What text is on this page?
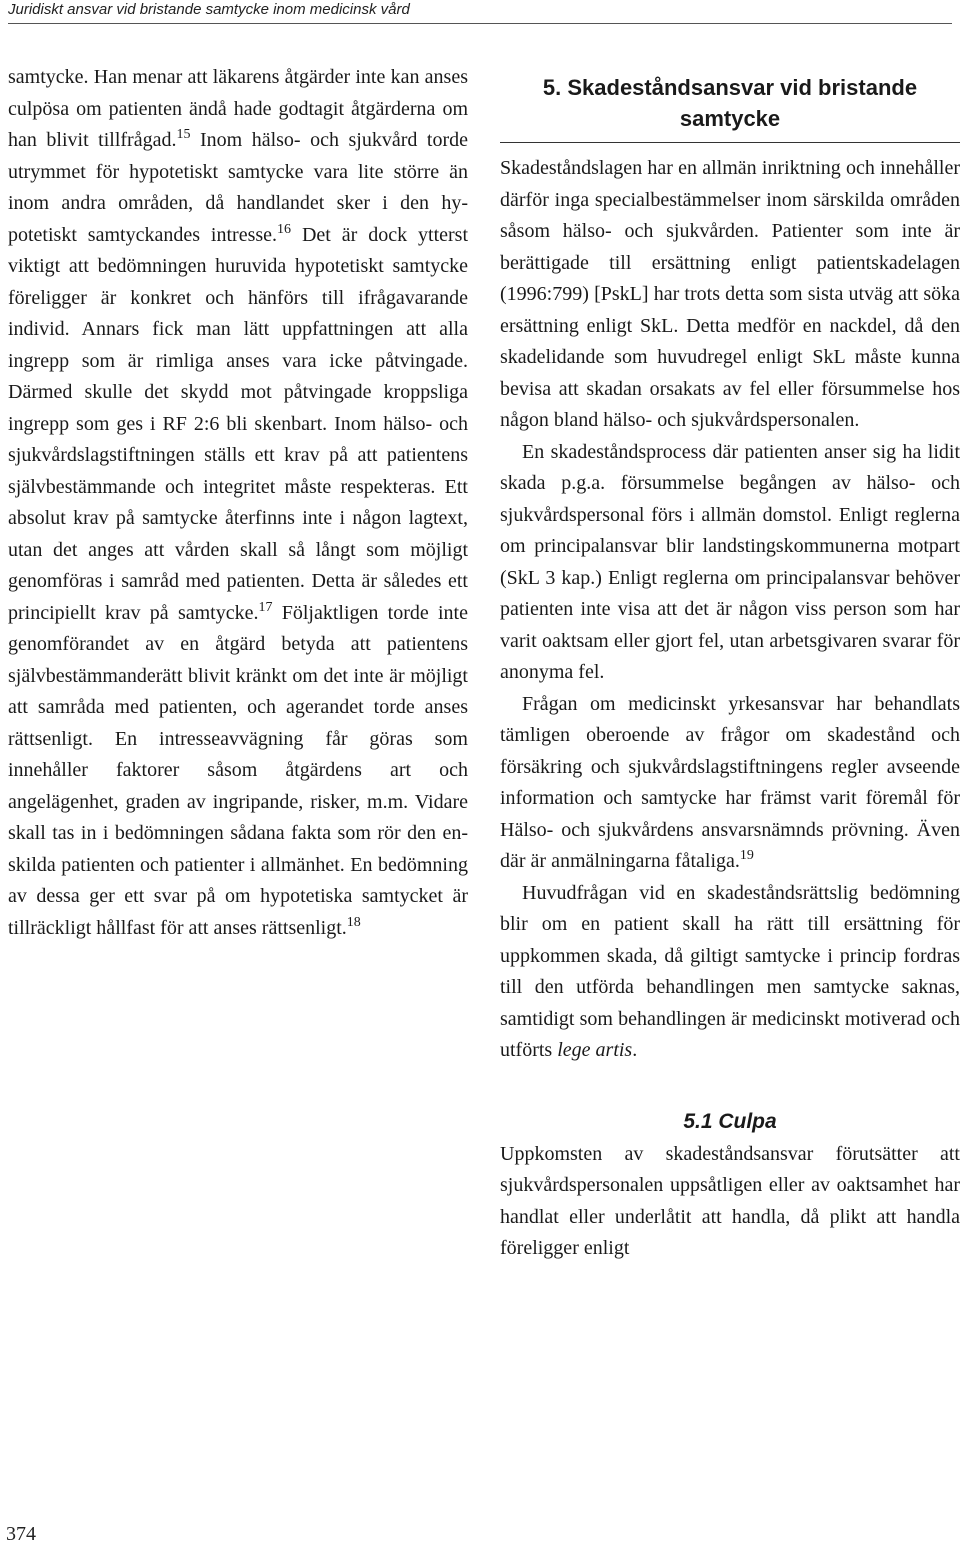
Juridiskt ansvar vid bristande samtycke inom medicinsk vård

samtycke. Han menar att läkarens åtgärder inte kan anses culpösa om patienten ändå hade godtagit åtgärderna om han blivit tillfrågad.$^{15}$ Inom hälso- och sjukvård torde utrymmet för hypotetiskt samtycke vara lite större än inom andra områden, då handlandet sker i den hypotetiskt samtyckandes intresse.$^{16}$ Det är dock ytterst viktigt att bedömningen huruvida hypotetiskt samtycke föreligger är konkret och hänförs till ifrågavarande individ. Annars fick man lätt uppfattningen att alla ingrepp som är rimliga anses vara icke påtvingade. Därmed skulle det skydd mot påtvingade kroppsliga ingrepp som ges i RF 2:6 bli skenbart. Inom hälso- och sjukvårdslagstiftningen ställs ett krav på att patientens självbestämmande och integritet måste respekteras. Ett absolut krav på samtycke återfinns inte i någon lagtext, utan det anges att vården skall så långt som möjligt genomföras i samråd med patienten. Detta är således ett principiellt krav på samtycke.$^{17}$ Följaktligen torde inte genomförandet av en åtgärd betyda att patientens självbestämmanderätt blivit kränkt om det inte är möjligt att samråda med patienten, och agerandet torde anses rättsenligt. En intresseavvägning får göras som innehåller faktorer såsom åtgärdens art och angelägenhet, graden av ingripande, risker, m.m. Vidare skall tas in i bedömningen sådana fakta som rör den enskilda patienten och patienter i allmänhet. En bedömning av dessa ger ett svar på om hypotetiska samtycket är tillräckligt hållfast för att anses rättsenligt.$^{18}$

5. Skadeståndsansvar vid bristande samtycke

Skadeståndslagen har en allmän inriktning och innehåller därför inga specialbestämmelser inom särskilda områden såsom hälso- och sjukvården. Patienter som inte är berättigade till ersättning enligt patientskadelagen (1996:799) [PskL] har trots detta som sista utväg att söka ersättning enligt SkL. Detta medför en nackdel, då den skadelidande som huvudregel enligt SkL måste kunna bevisa att skadan orsakats av fel eller försummelse hos någon bland hälso- och sjukvårdspersonalen.

En skadeståndsprocess där patienten anser sig ha lidit skada p.g.a. försummelse begången av hälso- och sjukvårdspersonal förs i allmän domstol. Enligt reglerna om principalansvar blir landstingskommunerna motpart (SkL 3 kap.) Enligt reglerna om principalansvar behöver patienten inte visa att det är någon viss person som har varit oaktsam eller gjort fel, utan arbetsgivaren svarar för anonyma fel.

Frågan om medicinskt yrkesansvar har behandlats tämligen oberoende av frågor om skadestånd och försäkring och sjukvårdslagstiftningens regler avseende information och samtycke har främst varit föremål för Hälso- och sjukvårdens ansvarsnämnds prövning. Även där är anmälningarna fåtaliga.$^{19}$

Huvudfrågan vid en skadeståndsrättslig bedömning blir om en patient skall ha rätt till ersättning för uppkommen skada, då giltigt samtycke i princip fordras till den utförda behandlingen men samtycke saknas, samtidigt som behandlingen är medicinskt motiverad och utförts lege artis.

5.1 Culpa

Uppkomsten av skadeståndsansvar förutsätter att sjukvårdspersonalen uppsåtligen eller av oaktsamhet har handlat eller underlåtit att handla, då plikt att handla föreligger enligt

374
